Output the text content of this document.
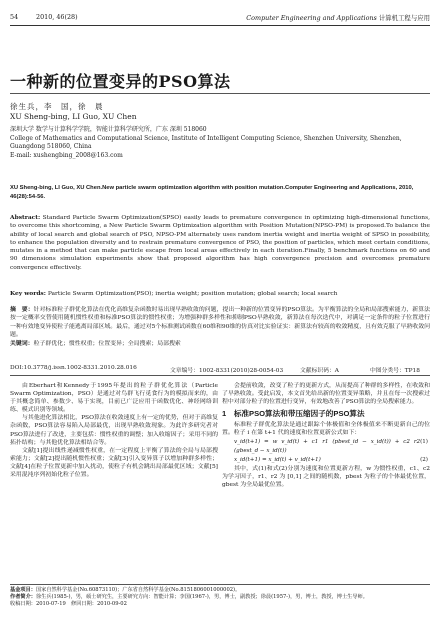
54	2010, 46(28)	Computer Engineering and Applications 计算机工程与应用
一种新的位置变异的PSO算法
徐生兵，李　国，徐　晨
XU Sheng-bing, LI Guo, XU Chen
深圳大学 数学与计算科学学院，智能计算科学研究所，广东 深圳 518060
College of Mathematics and Computational Science, Institute of Intelligent Computing Science, Shenzhen University, Shenzhen,
Guangdong 518060, China
E-mail: xushengbing_2008@163.com
XU Sheng-bing, LI Guo, XU Chen.New particle swarm optimization algorithm with position mutation.Computer Engineering and Applications, 2010, 46(28):54-56.
Abstract: Standard Particle Swarm Optimization(SPSO) easily leads to premature convergence in optimizing high-dimensional functions, to overcome this shortcoming, a New Particle Swarm Optimization algorithm with Position Mutation(NPSO-PM) is proposed.To balance the ability of local search and global search of PSO, NPSO-PM alternately uses random inertia weight and inertia weight of SPSO in possibility, to enhance the population diversity and to restrain premature convergence of PSO, the position of particles, which meet certain conditions, mutates in a method that can make particle escape from local areas effectively in each iteration.Finally, 5 benchmark functions on 60 and 90 dimensions simulation experiments show that proposed algorithm has high convergence precision and overcomes premature convergence effectively.
Key words: Particle Swarm Optimization(PSO); inertia weight; position mutation; global search; local search
摘　要：针对标准粒子群优化算法在优化高维复杂函数时易出现早熟收敛的问题，提出一种新的位置变异的PSO算法。为平衡算法的全局和局部搜索能力，新算法按一定概率交替使用随机惯性权重和标准PSO算法的惯性权重；为增强种群多样性和抑制PSO早熟收敛，新算法在每次迭代中，对满足一定条件的粒子位置进行一种有效地变异使粒子能逃离局部区域。最后，通过对5个标准测试函数在60维和90维的仿真对比实验证实：新算法有较高的收敛精度，且有效克服了早熟收敛问题。
关键词：粒子群优化；惯性权重；位置变异；全局搜索；局部搜索
DOI:10.3778/j.issn.1002-8331.2010.28.016	文章编号：1002-8331(2010)28-0054-03	文献标识码：A	中图分类号：TP18

由Eberhart和Kennedy于1995年提出的粒子群优化算法（Particle Swarm Optimization，PSO）是通过对鸟群飞行觅食行为的模拟而来的，由于其概念简单、参数少、易于实现，目前已广泛应用于函数优化、神经网络训练、模式识别等领域。

与其他进化算法相比，PSO算法在收敛速度上有一定的优势，但对于高维复杂函数，PSO算法容易陷入局部最优，出现早熟收敛现象。为此许多研究者对PSO算法进行了改进，主要包括：惯性权重的调整；加入收缩因子；采用不同的拓扑结构；与其他优化算法相结合等。

文献[1]提出线性递减惯性权重，在一定程度上平衡了算法的全局与局部搜索能力；文献[2]提出随机惯性权重；文献[3]引入变异算子以增加种群多样性；文献[4]在粒子位置更新中加入扰动，使粒子有机会跳出局部最优区域；文献[5]采用混沌序列初始化粒子位置。

会提前收敛，改变了粒子的更新方式，从而提高了种群的多样性，在收敛和了早熟收敛。受此启发，本文首先给出新的位置变异策略，并且在每一次搜索过程中对部分粒子的位置进行变异，有效地改善了PSO算法的全局搜索能力。

1　标准PSO算法和带压缩因子的PSO算法

标准粒子群优化算法是通过跟踪个体极值和全体极值来不断更新自己的位置。粒子 i 在第 t+1 代的速度和位置更新公式如下：

v_id(t+1) = w v_id(t) + c1 r1 (pbest_id − x_id(t)) + c2 r2 (gbest_d − x_id(t))
(1)
x_id(t+1) = x_id(t) + v_id(t+1)	(2)

其中，式(1)和式(2)分别为速度和位置更新方程，w 为惯性权重，c1、c2 为学习因子，r1、r2 为 [0,1] 之间的随机数，pbest 为粒子的个体最优位置，gbest 为全局最优位置。

基金项目：国家自然科学基金(No.60873110)；广东省自然科学基金(No.8151806001000002)。
作者简介：徐生兵(1985-)，男，硕士研究生，主要研究方向：智能计算；李国(1967-)，男，博士，副教授；徐晨(1957-)，男，博士，教授，博士生导师。
收稿日期：2010-07-19　修回日期：2010-09-02
